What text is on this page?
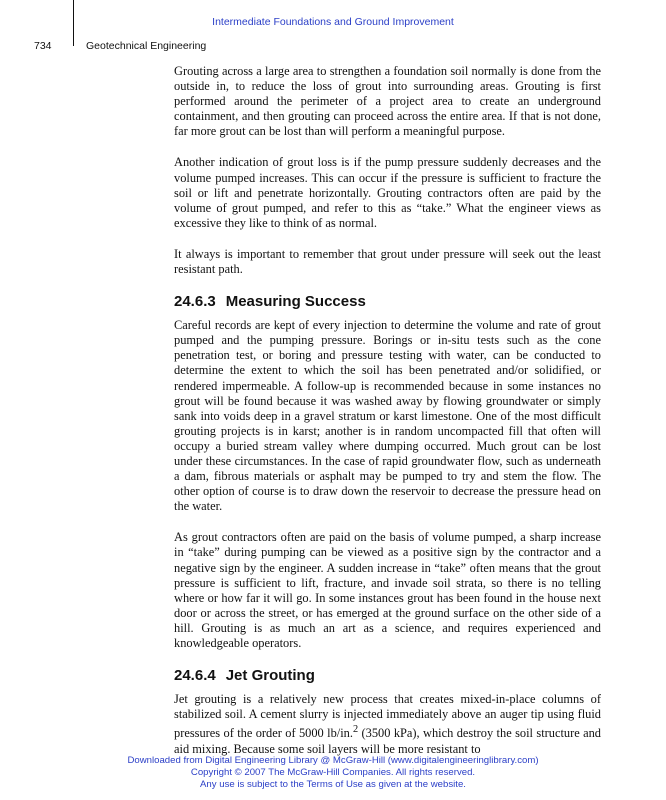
Intermediate Foundations and Ground Improvement
734	Geotechnical Engineering

Grouting across a large area to strengthen a foundation soil normally is done from the outside in, to reduce the loss of grout into surrounding areas. Grouting is first performed around the perimeter of a project area to create an underground containment, and then grouting can proceed across the entire area. If that is not done, far more grout can be lost than will perform a meaningful purpose.

Another indication of grout loss is if the pump pressure suddenly decreases and the volume pumped increases. This can occur if the pressure is sufficient to fracture the soil or lift and penetrate horizontally. Grouting contractors often are paid by the volume of grout pumped, and refer to this as “take.” What the engineer views as excessive they like to think of as normal.

It always is important to remember that grout under pressure will seek out the least resistant path.

24.6.3 Measuring Success

Careful records are kept of every injection to determine the volume and rate of grout pumped and the pumping pressure. Borings or in-situ tests such as the cone penetration test, or boring and pressure testing with water, can be conducted to determine the extent to which the soil has been penetrated and/or solidified, or rendered impermeable. A follow-up is recommended because in some instances no grout will be found because it was washed away by flowing groundwater or simply sank into voids deep in a gravel stratum or karst limestone. One of the most difficult grouting projects is in karst; another is in random uncompacted fill that often will occupy a buried stream valley where dumping occurred. Much grout can be lost under these circumstances. In the case of rapid groundwater flow, such as underneath a dam, fibrous materials or asphalt may be pumped to try and stem the flow. The other option of course is to draw down the reservoir to decrease the pressure head on the water.

As grout contractors often are paid on the basis of volume pumped, a sharp increase in “take” during pumping can be viewed as a positive sign by the contractor and a negative sign by the engineer. A sudden increase in “take” often means that the grout pressure is sufficient to lift, fracture, and invade soil strata, so there is no telling where or how far it will go. In some instances grout has been found in the house next door or across the street, or has emerged at the ground surface on the other side of a hill. Grouting is as much an art as a science, and requires experienced and knowledgeable operators.

24.6.4 Jet Grouting

Jet grouting is a relatively new process that creates mixed-in-place columns of stabilized soil. A cement slurry is injected immediately above an auger tip using fluid pressures of the order of 5000 lb/in.$^2$ (3500 kPa), which destroy the soil structure and aid mixing. Because some soil layers will be more resistant to

Downloaded from Digital Engineering Library @ McGraw-Hill (www.digitalengineeringlibrary.com)
Copyright © 2007 The McGraw-Hill Companies. All rights reserved.
Any use is subject to the Terms of Use as given at the website.
